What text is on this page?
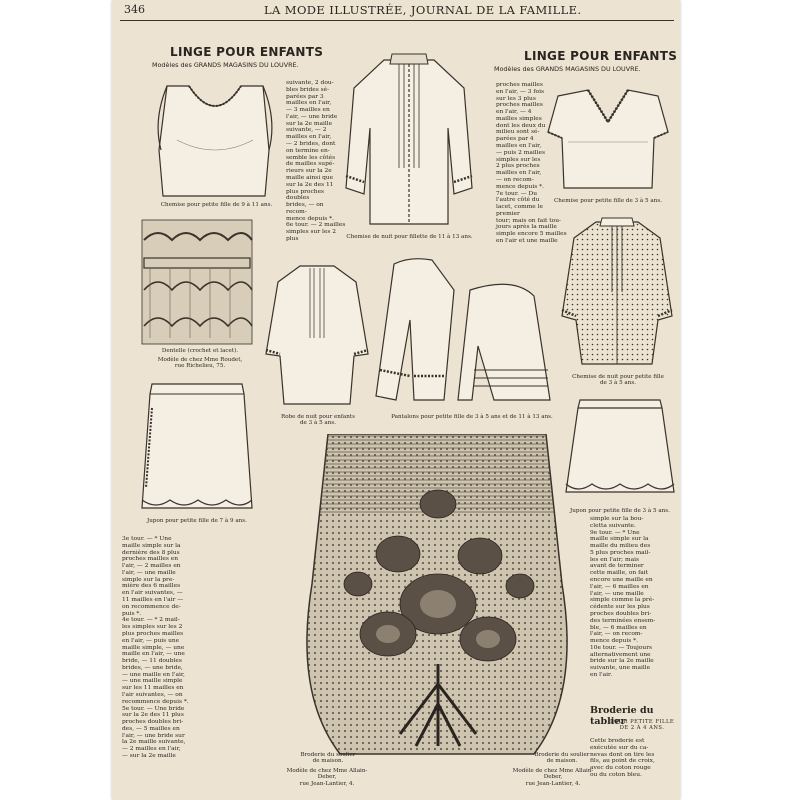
346	LA MODE ILLUSTRÉE, JOURNAL DE LA FAMILLE.
LINGE POUR ENFANTS
Modèles des GRANDS MAGASINS DU LOUVRE.
LINGE POUR ENFANTS
Modèles des GRANDS MAGASINS DU LOUVRE.
Chemise pour petite fille de 9 à 11 ans.
Chemise de nuit pour fillette de 11 à 13 ans.
suivante, 2 dou-
bles brides sé-
parées par 3
mailles en l'air,
— 3 mailles en
l'air, — une bride
sur la 2e maille
suivante, — 2
mailles en l'air,
— 2 brides, dont
on termine en-
semble les côtés
de mailles supé-
rieurs sur la 2e
maille ainsi que
sur la 2e des 11
plus proches doubles
brides, — on recom-
mence depuis *.
6e tour. — 2 mailles
simples sur les 2 plus
proches mailles
en l'air, — 3 fois
sur les 3 plus
proches mailles
en l'air, — 4
mailles simples
dont les deux du
milieu sont sé-
parées par 4
mailles en l'air,
— puis 2 mailles
simples sur les
2 plus proches
mailles en l'air,
— on recom-
mence depuis *.
7e tour. — Du
l'autre côté du
lacet, comme le premier
tour; mais on fait tou-
jours après la maille
simple encore 5 mailles
en l'air et une maille
Chemise pour petite fille de 3 à 5 ans.
Dentelle (crochet et lacet).
Modèle de chez Mme Roudet,
rue Richelieu, 75.
Robe de nuit pour enfants
de 3 à 5 ans.
Pantalons pour petite fille de 3 à 5 ans et de 11 à 13 ans.
Chemise de nuit pour petite fille
de 3 à 5 ans.
Jupon pour petite fille de 7 à 9 ans.
Jupon pour petite fille de 3 à 5 ans.
Broderie du soulier
de maison.
Modèle de chez Mme Allain-Deber,
rue Jean-Lantier, 4.
Broderie du soulier
de maison.
Modèle de chez Mme Allain-Deber,
rue Jean-Lantier, 4.
3e tour. — * Une
maille simple sur la
dernière des 8 plus
proches mailles en
l'air, — 2 mailles en
l'air, — une maille
simple sur la pre-
mière des 6 mailles
en l'air suivantes, —
11 mailles en l'air —
on recommence de-
puis *.
4e tour. — * 2 mail-
les simples sur les 2
plus proches mailles
en l'air, — puis une
maille simple, — une
maille en l'air, — une
bride, — 11 doubles
brides, — une bride,
— une maille en l'air,
— une maille simple
sur les 11 mailles en
l'air suivantes, — on
recommence depuis *.
5e tour. — Une bride
sur la 2e des 11 plus
proches doubles bri-
des, — 5 mailles en
l'air, — une bride sur
la 2e maille suivante,
— 2 mailles en l'air,
— sur la 2e maille
simple sur la bou-
cletta suivante.
9e tour. — * Une
maille simple sur la
maille du milieu des
5 plus proches mail-
les en l'air; mais
avant de terminer
cette maille, on fait
encore une maille en
l'air, — 6 mailles en
l'air, — une maille
simple comme la pré-
cédente sur les plus
proches doubles bri-
des terminées ensem-
ble, — 6 mailles en
l'air, — on recom-
mence depuis *.
10e tour. — Toujours
alternativement une
bride sur la 2e maille
suivante, une maille
en l'air.
Broderie du tablier
POUR PETITE FILLE
DE 2 À 4 ANS.
Cette broderie est
exécutée sur du ca-
nevas dont on tire les
fils, au point de croix,
avec du coton rouge
ou du coton bleu.
